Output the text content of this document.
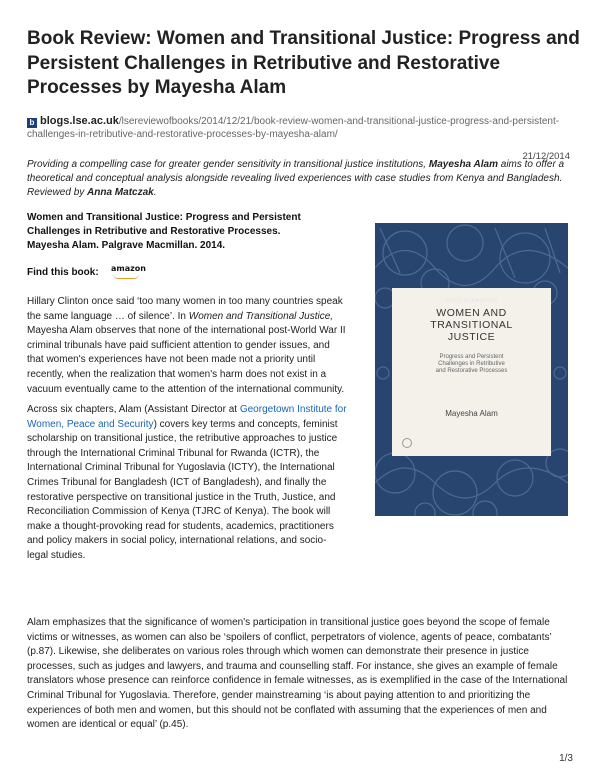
Book Review: Women and Transitional Justice: Progress and Persistent Challenges in Retributive and Restorative Processes by Mayesha Alam
b blogs.lse.ac.uk/lsereviewofbooks/2014/12/21/book-review-women-and-transitional-justice-progress-and-persistent-challenges-in-retributive-and-restorative-processes-by-mayesha-alam/
21/12/2014

Providing a compelling case for greater gender sensitivity in transitional justice institutions, Mayesha Alam aims to offer a theoretical and conceptual analysis alongside revealing lived experiences with case studies from Kenya and Bangladesh. Reviewed by Anna Matczak.

Women and Transitional Justice: Progress and Persistent Challenges in Retributive and Restorative Processes.
Mayesha Alam. Palgrave Macmillan. 2014.

Find this book: amazon

Hillary Clinton once said ‘too many women in too many countries speak the same language … of silence’. In Women and Transitional Justice, Mayesha Alam observes that none of the international post-World War II criminal tribunals have paid sufficient attention to gender issues, and that women's experiences have not been made not a priority until recently, when the realization that women's harm does not exist in a vacuum eventually came to the attention of the international community.

Across six chapters, Alam (Assistant Director at Georgetown Institute for Women, Peace and Security) covers key terms and concepts, feminist scholarship on transitional justice, the retributive approaches to justice through the International Criminal Tribunal for Rwanda (ICTR), the International Criminal Tribunal for Yugoslavia (ICTY), the International Crimes Tribunal for Bangladesh (ICT of Bangladesh), and finally the restorative perspective on transitional justice in the Truth, Justice, and Reconciliation Commission of Kenya (TJRC of Kenya). The book will make a thought-provoking read for students, academics, practitioners and policy makers in social policy, international relations, and socio-legal studies.

WOMEN AND
TRANSITIONAL
JUSTICE

Progress and Persistent
Challenges in Retributive
and Restorative Processes

Mayesha Alam
palgrave▸pivot

Alam emphasizes that the significance of women's participation in transitional justice goes beyond the scope of female victims or witnesses, as women can also be ‘spoilers of conflict, perpetrators of violence, agents of peace, combatants’ (p.87). Likewise, she deliberates on various roles through which women can demonstrate their presence in justice processes, such as judges and lawyers, and trauma and counselling staff. For instance, she gives an example of female translators whose presence can reinforce confidence in female witnesses, as is exemplified in the case of the International Criminal Tribunal for Yugoslavia. Therefore, gender mainstreaming ‘is about paying attention to and prioritizing the experiences of both men and women, but this should not be conflated with assuming that the experiences of men and women are identical or equal’ (p.45).

1/3
